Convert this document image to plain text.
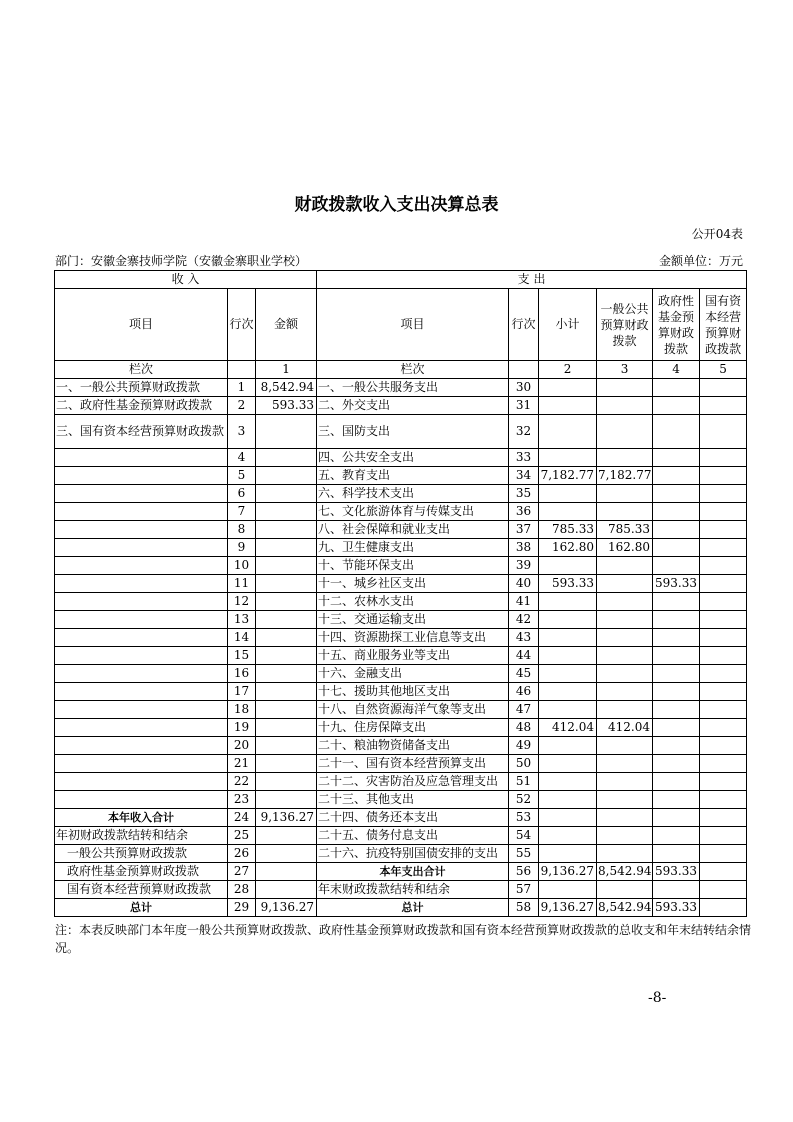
财政拨款收入支出决算总表
公开04表
部门：安徽金寨技师学院（安徽金寨职业学校）	金额单位：万元
收 入			支 出					
项目	行次	金额	项目	行次	小计	一般公共预算财政拨款	政府性基金预算财政拨款	国有资本经营预算财政拨款
栏次		1	栏次		2	3	4	5
一、一般公共预算财政拨款	1	8,542.94	一、一般公共服务支出	30				
二、政府性基金预算财政拨款	2	593.33	二、外交支出	31				
三、国有资本经营预算财政拨款	3		三、国防支出	32				
	4		四、公共安全支出	33				
	5		五、教育支出	34	7,182.77	7,182.77		
	6		六、科学技术支出	35				
	7		七、文化旅游体育与传媒支出	36				
	8		八、社会保障和就业支出	37	785.33	785.33		
	9		九、卫生健康支出	38	162.80	162.80		
	10		十、节能环保支出	39				
	11		十一、城乡社区支出	40	593.33		593.33	
	12		十二、农林水支出	41				
	13		十三、交通运输支出	42				
	14		十四、资源勘探工业信息等支出	43				
	15		十五、商业服务业等支出	44				
	16		十六、金融支出	45				
	17		十七、援助其他地区支出	46				
	18		十八、自然资源海洋气象等支出	47				
	19		十九、住房保障支出	48	412.04	412.04		
	20		二十、粮油物资储备支出	49				
	21		二十一、国有资本经营预算支出	50				
	22		二十二、灾害防治及应急管理支出	51				
	23		二十三、其他支出	52				
本年收入合计	24	9,136.27	二十四、债务还本支出	53				
年初财政拨款结转和结余	25		二十五、债务付息支出	54				
一般公共预算财政拨款	26		二十六、抗疫特别国债安排的支出	55				
政府性基金预算财政拨款	27		本年支出合计	56	9,136.27	8,542.94	593.33	
国有资本经营预算财政拨款	28		年末财政拨款结转和结余	57				
总计	29	9,136.27	总计	58	9,136.27	8,542.94	593.33	
注：本表反映部门本年度一般公共预算财政拨款、政府性基金预算财政拨款和国有资本经营预算财政拨款的总收支和年末结转结余情况。
-8-
